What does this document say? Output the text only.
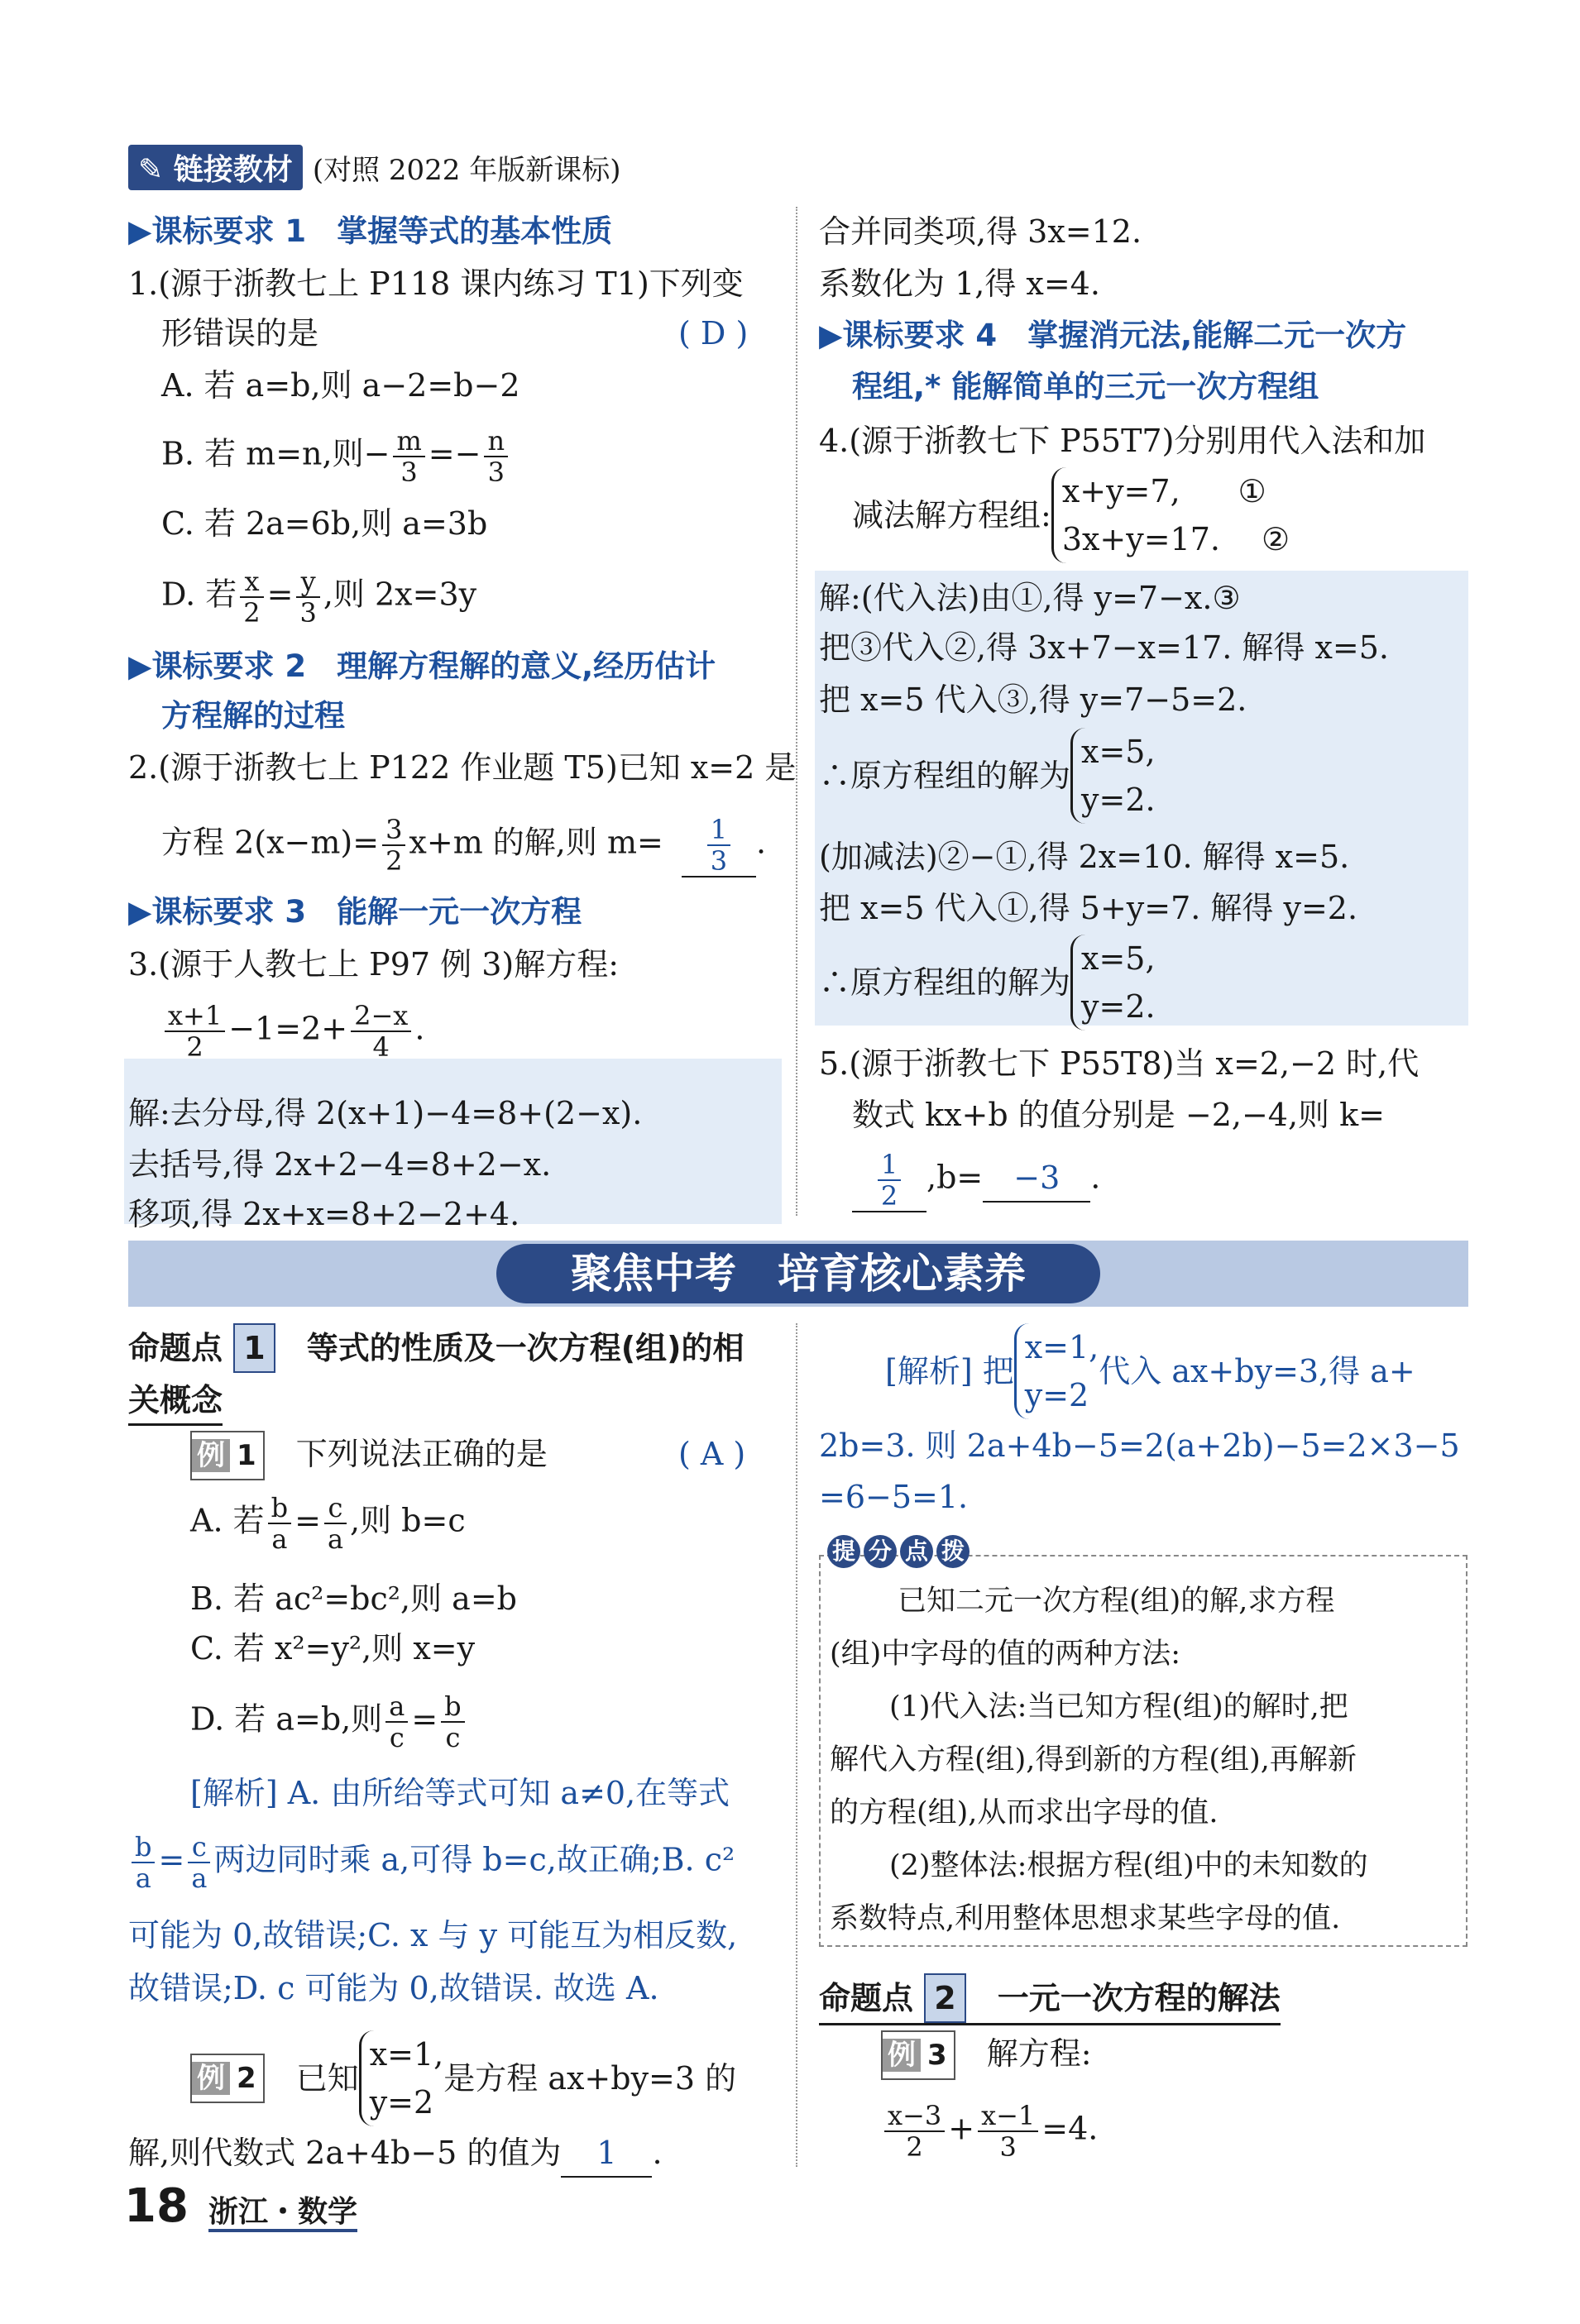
✎ 链接教材 (对照 2022 年版新课标)
▶课标要求 1　掌握等式的基本性质
1.(源于浙教七上 P118 课内练习 T1)下列变
形错误的是	( D )
A. 若 a=b,则 a−2=b−2
B. 若 m=n,则− $\frac{m}{3} =- \frac{n}{3}$
C. 若 2a=6b,则 a=3b
D. 若 $\frac{x}{2} = \frac{y}{3}$ ,则 2x=3y
▶课标要求 2　理解方程解的意义,经历估计
方程解的过程
2.(源于浙教七上 P122 作业题 T5)已知 x=2 是
方程 $2(x-m)= \frac{3}{2} x+m$ 的解,则 $m= \frac{1}{3}$ .
▶课标要求 3　能解一元一次方程
3.(源于人教七上 P97 例 3)解方程:
$\frac{x+1}{2} -1=2+ \frac{2-x}{4}$ .
解:去分母,得 2(x+1)−4=8+(2−x).
去括号,得 2x+2−4=8+2−x.
移项,得 2x+x=8+2−2+4.
合并同类项,得 3x=12.
系数化为 1,得 x=4.
▶课标要求 4　掌握消元法,能解二元一次方
程组,* 能解简单的三元一次方程组
4.(源于浙教七下 P55T7)分别用代入法和加
减法解方程组:
x+y=7, ①
3x+y=17. ②
解:(代入法)由①,得 y=7−x.③
把③代入②,得 3x+7−x=17. 解得 x=5.
把 x=5 代入③,得 y=7−5=2.
∴原方程组的解为
x=5,
y=2.
(加减法)②−①,得 2x=10. 解得 x=5.
把 x=5 代入①,得 5+y=7. 解得 y=2.
∴原方程组的解为
x=5,
y=2.
5.(源于浙教七下 P55T8)当 x=2,−2 时,代
数式 kx+b 的值分别是 −2,−4,则 k=
$\frac{1}{2} ,b= -3$ .
聚焦中考　培育核心素养
命题点 1　 等式的性质及一次方程(组)的相
关概念
例 1　 下列说法正确的是	( A )
A. 若 $\frac{b}{a} = \frac{c}{a}$ ,则 b=c
B. 若 ac²=bc²,则 a=b
C. 若 x²=y²,则 x=y
D. 若 a=b,则 $\frac{a}{c} = \frac{b}{c}$
[解析] A. 由所给等式可知 a≠0,在等式
$\frac{b}{a} = \frac{c}{a}$ 两边同时乘 a,可得 b=c,故正确;B. c²
可能为 0,故错误;C. x 与 y 可能互为相反数,
故错误;D. c 可能为 0,故错误. 故选 A.
例 2　 已知
x=1,
y=2
是方程 ax+by=3 的
解,则代数式 2a+4b−5 的值为 1 .
[解析] 把
x=1,
y=2
代入 ax+by=3,得 a+
2b=3. 则 2a+4b−5=2(a+2b)−5=2×3−5
=6−5=1.
提 分 点 拨
已知二元一次方程(组)的解,求方程
(组)中字母的值的两种方法:
(1)代入法:当已知方程(组)的解时,把
解代入方程(组),得到新的方程(组),再解新
的方程(组),从而求出字母的值.
(2)整体法:根据方程(组)中的未知数的
系数特点,利用整体思想求某些字母的值.
命题点 2　 一元一次方程的解法
例 3　 解方程:
$\frac{x-3}{2} + \frac{x-1}{3} =4$.
18 浙江・数学
